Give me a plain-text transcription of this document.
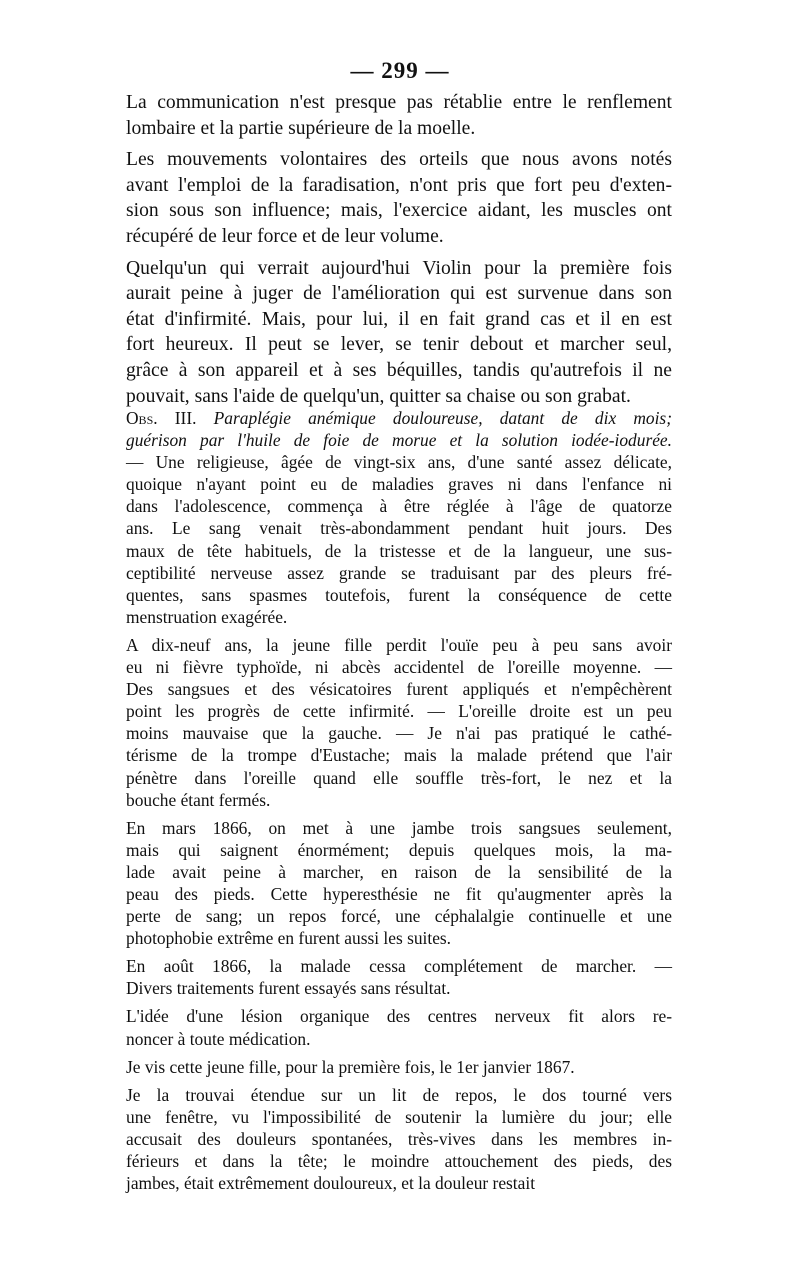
— 299 —
La communication n'est presque pas rétablie entre le renflement
lombaire et la partie supérieure de la moelle.
Les mouvements volontaires des orteils que nous avons notés
avant l'emploi de la faradisation, n'ont pris que fort peu d'exten-
sion sous son influence; mais, l'exercice aidant, les muscles ont
récupéré de leur force et de leur volume.
Quelqu'un qui verrait aujourd'hui Violin pour la première fois
aurait peine à juger de l'amélioration qui est survenue dans son
état d'infirmité. Mais, pour lui, il en fait grand cas et il en est
fort heureux. Il peut se lever, se tenir debout et marcher seul,
grâce à son appareil et à ses béquilles, tandis qu'autrefois il ne
pouvait, sans l'aide de quelqu'un, quitter sa chaise ou son grabat.
Obs. III. Paraplégie anémique douloureuse, datant de dix mois;
guérison par l'huile de foie de morue et la solution iodée-iodurée.
— Une religieuse, âgée de vingt-six ans, d'une santé assez délicate,
quoique n'ayant point eu de maladies graves ni dans l'enfance ni
dans l'adolescence, commença à être réglée à l'âge de quatorze
ans. Le sang venait très-abondamment pendant huit jours. Des
maux de tête habituels, de la tristesse et de la langueur, une sus-
ceptibilité nerveuse assez grande se traduisant par des pleurs fré-
quentes, sans spasmes toutefois, furent la conséquence de cette
menstruation exagérée.
A dix-neuf ans, la jeune fille perdit l'ouïe peu à peu sans avoir
eu ni fièvre typhoïde, ni abcès accidentel de l'oreille moyenne. —
Des sangsues et des vésicatoires furent appliqués et n'empêchèrent
point les progrès de cette infirmité. — L'oreille droite est un peu
moins mauvaise que la gauche. — Je n'ai pas pratiqué le cathé-
térisme de la trompe d'Eustache; mais la malade prétend que l'air
pénètre dans l'oreille quand elle souffle très-fort, le nez et la
bouche étant fermés.
En mars 1866, on met à une jambe trois sangsues seulement,
mais qui saignent énormément; depuis quelques mois, la ma-
lade avait peine à marcher, en raison de la sensibilité de la
peau des pieds. Cette hyperesthésie ne fit qu'augmenter après la
perte de sang; un repos forcé, une céphalalgie continuelle et une
photophobie extrême en furent aussi les suites.
En août 1866, la malade cessa complétement de marcher. —
Divers traitements furent essayés sans résultat.
L'idée d'une lésion organique des centres nerveux fit alors re-
noncer à toute médication.
Je vis cette jeune fille, pour la première fois, le 1er janvier 1867.
Je la trouvai étendue sur un lit de repos, le dos tourné vers
une fenêtre, vu l'impossibilité de soutenir la lumière du jour; elle
accusait des douleurs spontanées, très-vives dans les membres in-
férieurs et dans la tête; le moindre attouchement des pieds, des
jambes, était extrêmement douloureux, et la douleur restait
